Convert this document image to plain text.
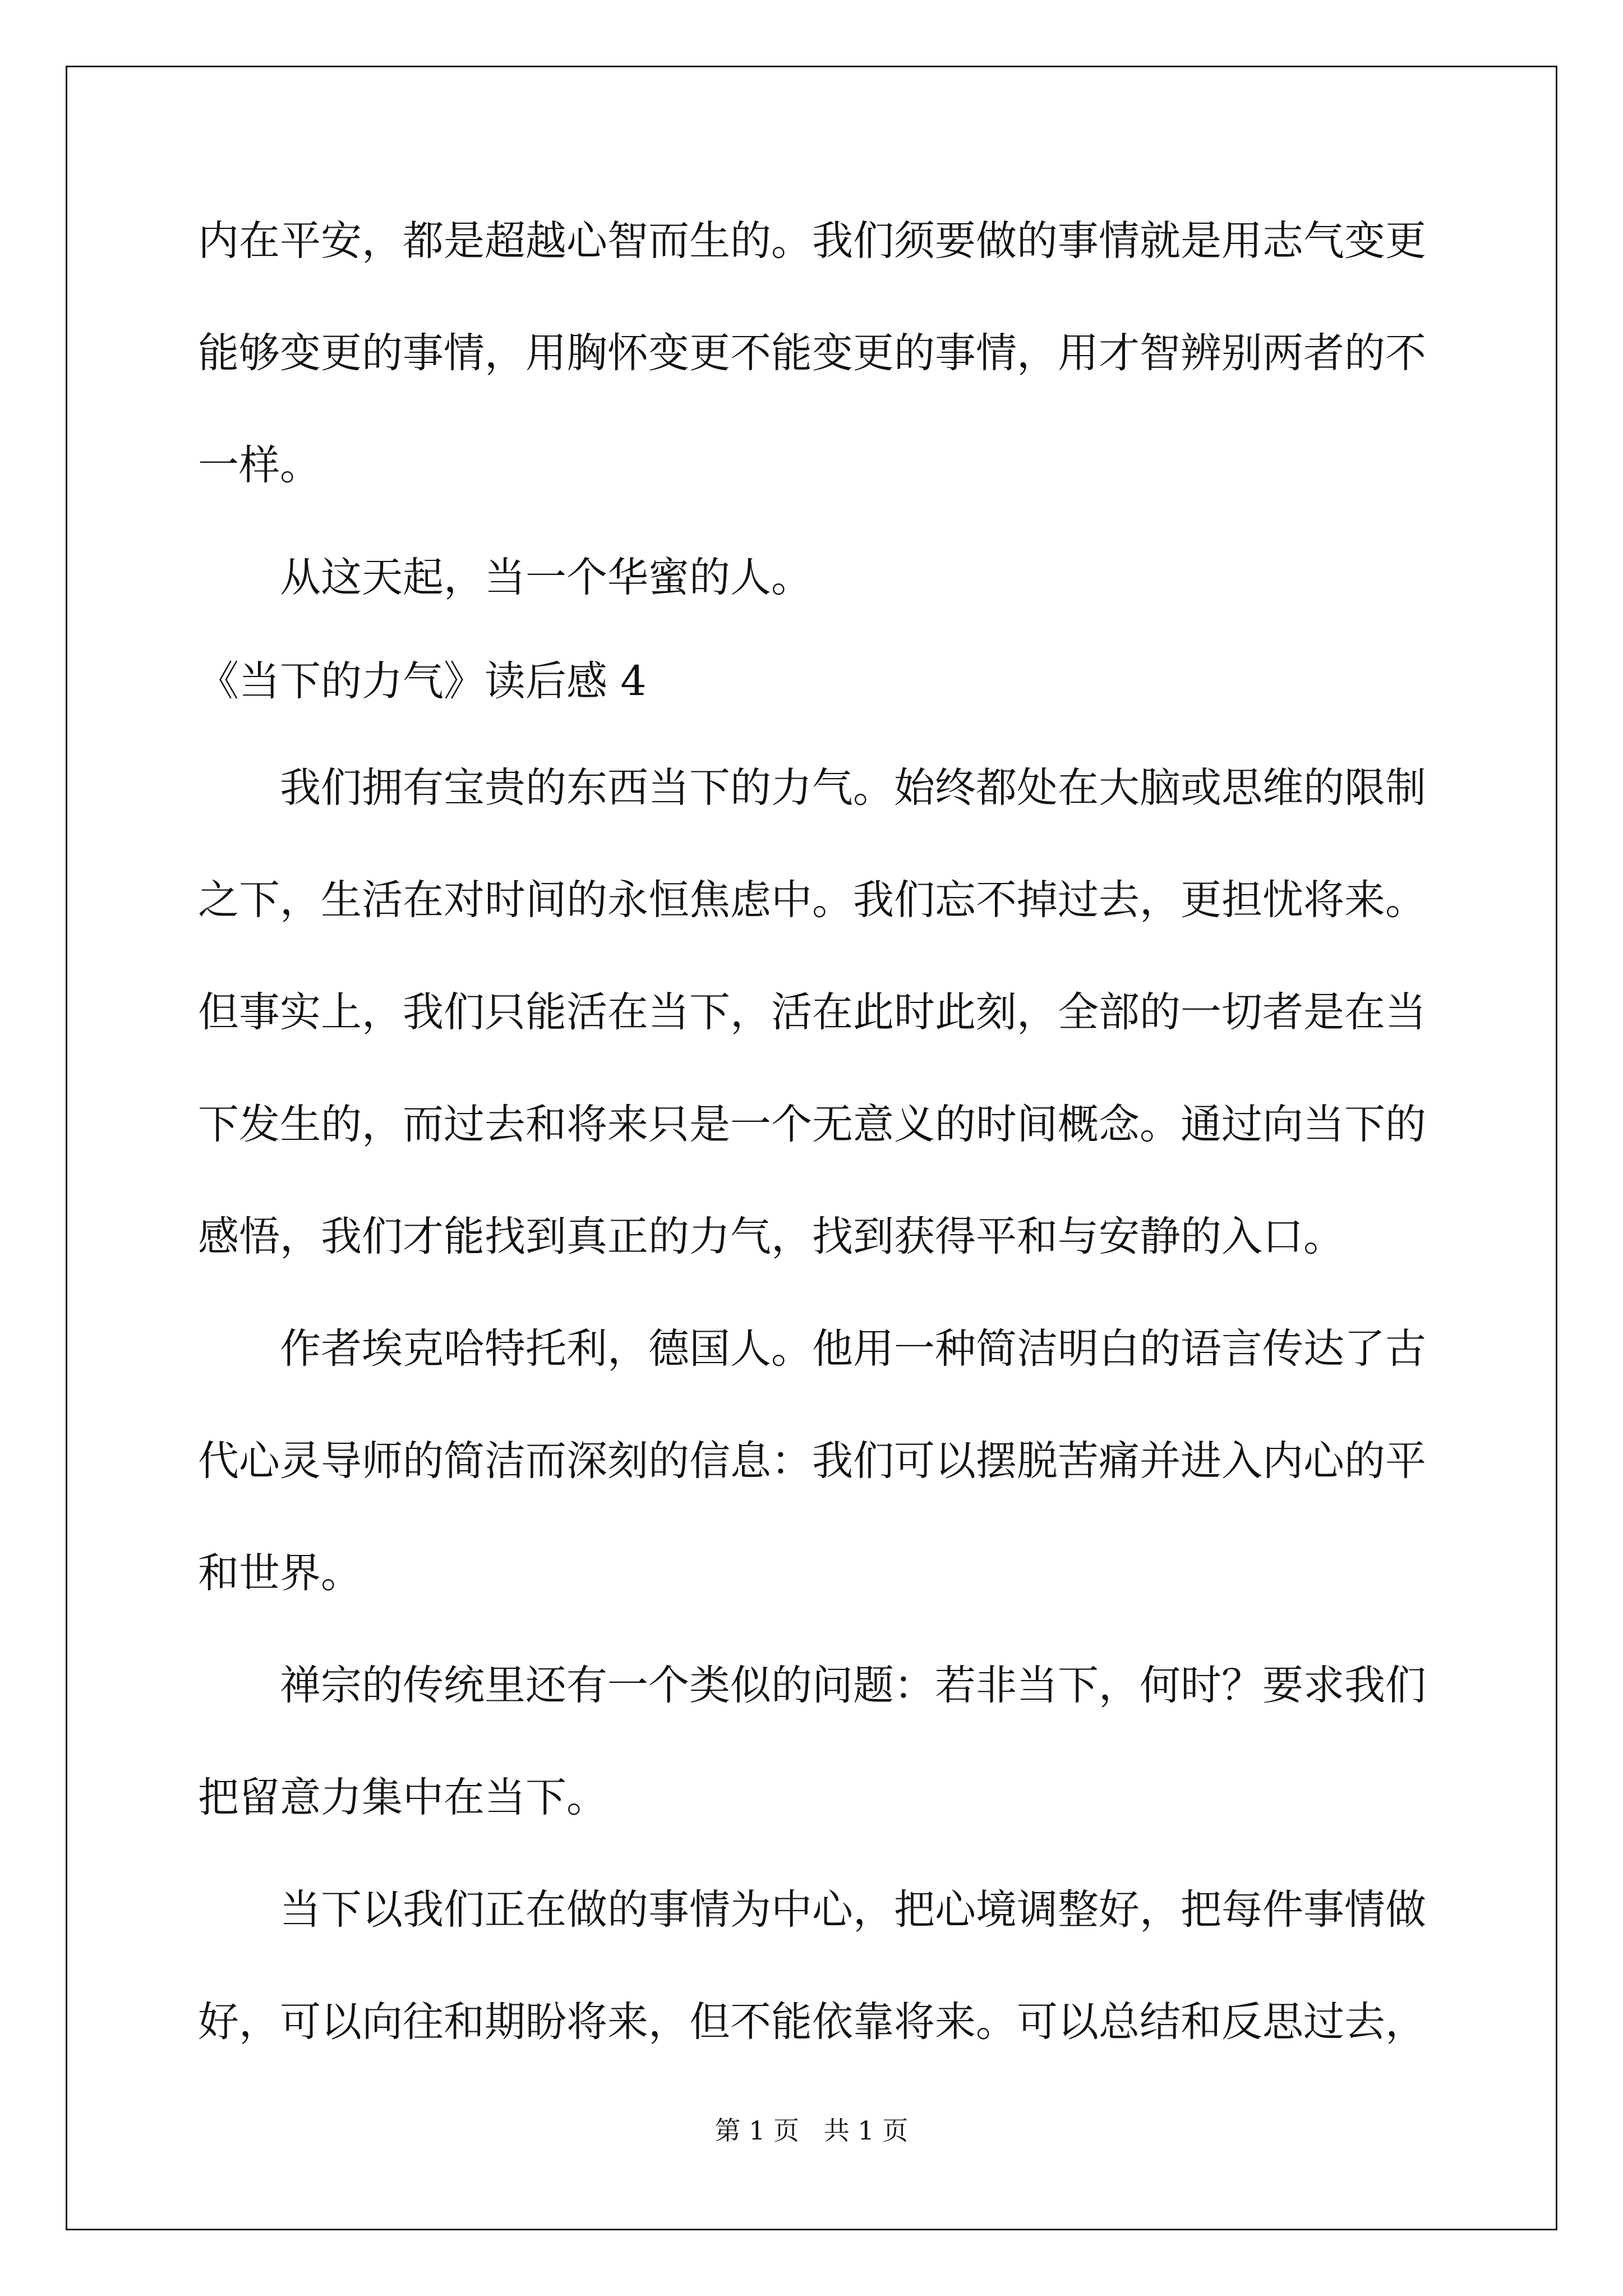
内在平安，都是超越心智而生的。我们须要做的事情就是用志气变更
能够变更的事情，用胸怀变更不能变更的事情，用才智辨别两者的不
一样。
从这天起，当一个华蜜的人。
《当下的力气》读后感 4
我们拥有宝贵的东西当下的力气。始终都处在大脑或思维的限制
之下，生活在对时间的永恒焦虑中。我们忘不掉过去，更担忧将来。
但事实上，我们只能活在当下，活在此时此刻，全部的一切者是在当
下发生的，而过去和将来只是一个无意义的时间概念。通过向当下的
感悟，我们才能找到真正的力气，找到获得平和与安静的入口。
作者埃克哈特托利，德国人。他用一种简洁明白的语言传达了古
代心灵导师的简洁而深刻的信息：我们可以摆脱苦痛并进入内心的平
和世界。
禅宗的传统里还有一个类似的问题：若非当下，何时？要求我们
把留意力集中在当下。
当下以我们正在做的事情为中心，把心境调整好，把每件事情做
好，可以向往和期盼将来，但不能依靠将来。可以总结和反思过去，
第 1 页   共 1 页
